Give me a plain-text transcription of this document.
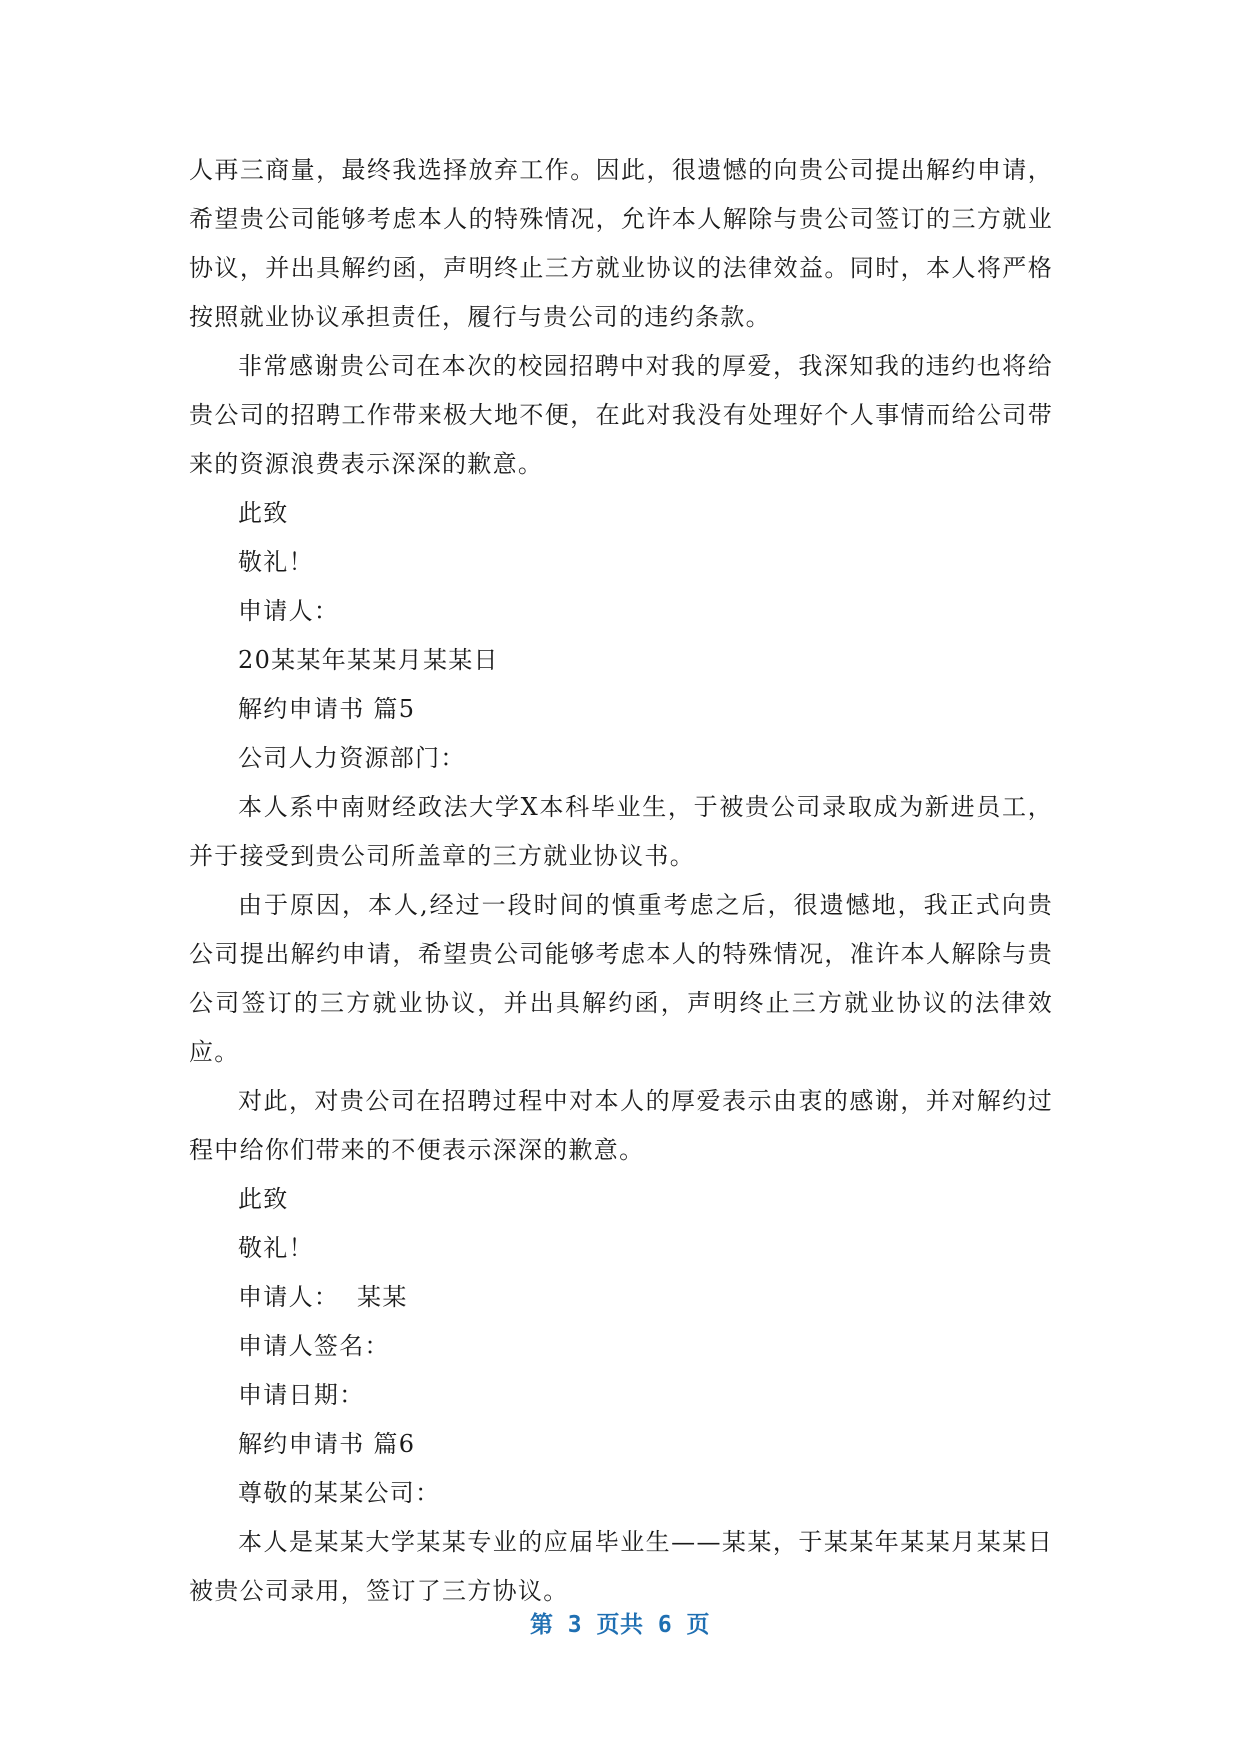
人再三商量，最终我选择放弃工作。因此，很遗憾的向贵公司提出解约申请，希望贵公司能够考虑本人的特殊情况，允许本人解除与贵公司签订的三方就业协议，并出具解约函，声明终止三方就业协议的法律效益。同时，本人将严格按照就业协议承担责任，履行与贵公司的违约条款。

非常感谢贵公司在本次的校园招聘中对我的厚爱，我深知我的违约也将给贵公司的招聘工作带来极大地不便，在此对我没有处理好个人事情而给公司带来的资源浪费表示深深的歉意。

此致

敬礼！

申请人：

20某某年某某月某某日

解约申请书 篇5

公司人力资源部门：

本人系中南财经政法大学X本科毕业生，于被贵公司录取成为新进员工，并于接受到贵公司所盖章的三方就业协议书。

由于原因，本人,经过一段时间的慎重考虑之后，很遗憾地，我正式向贵公司提出解约申请，希望贵公司能够考虑本人的特殊情况，准许本人解除与贵公司签订的三方就业协议，并出具解约函，声明终止三方就业协议的法律效应。

对此，对贵公司在招聘过程中对本人的厚爱表示由衷的感谢，并对解约过程中给你们带来的不便表示深深的歉意。

此致

敬礼！

申请人：  某某

申请人签名：

申请日期：

解约申请书 篇6

尊敬的某某公司：

本人是某某大学某某专业的应届毕业生——某某，于某某年某某月某某日被贵公司录用，签订了三方协议。

第 3 页共 6 页
